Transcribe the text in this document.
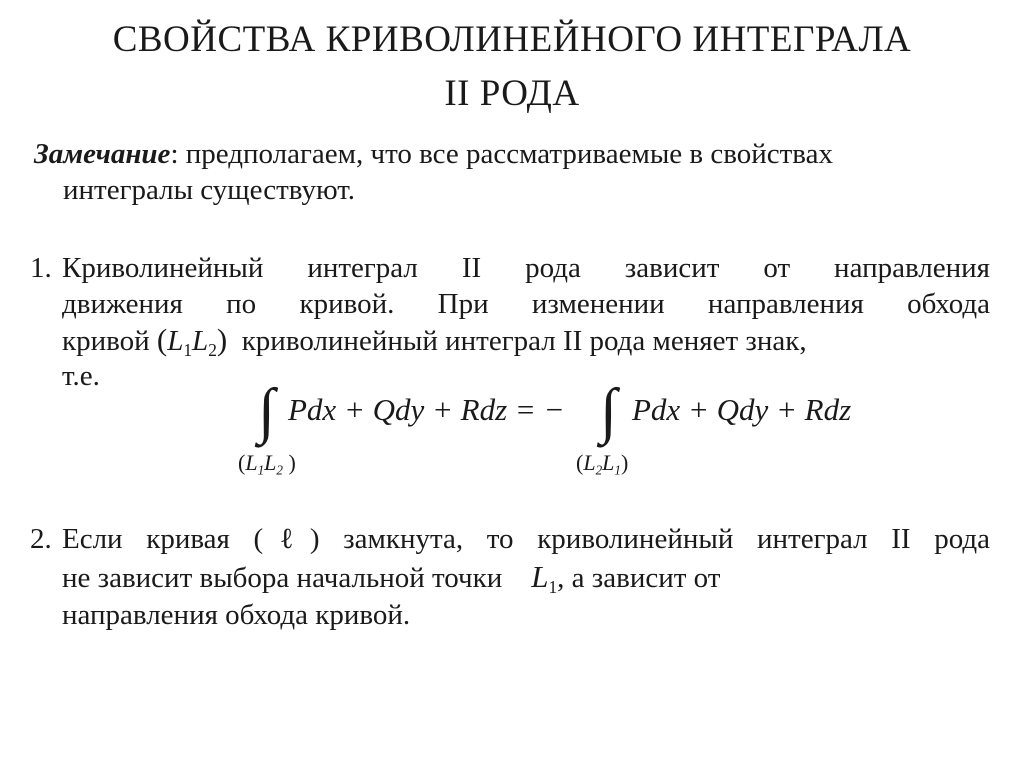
СВОЙСТВА КРИВОЛИНЕЙНОГО ИНТЕГРАЛА
II РОДА
Замечание: предполагаем, что все рассматриваемые в свойствах
интегралы существуют.
1. Криволинейный интеграл II рода зависит от направления
движения по кривой. При изменении направления обхода
кривой $(L_1L_2)$ криволинейный интеграл II рода меняет знак,
т.е.
∫ Pdx + Qdy + Rdz = − ∫ Pdx + Qdy + Rdz
($L_1L_2$ )	$(L_2L_1)$
2. Если кривая (ℓ) замкнута, то криволинейный интеграл II рода
не зависит выбора начальной точки $L_1$, а зависит от
направления обхода кривой.
